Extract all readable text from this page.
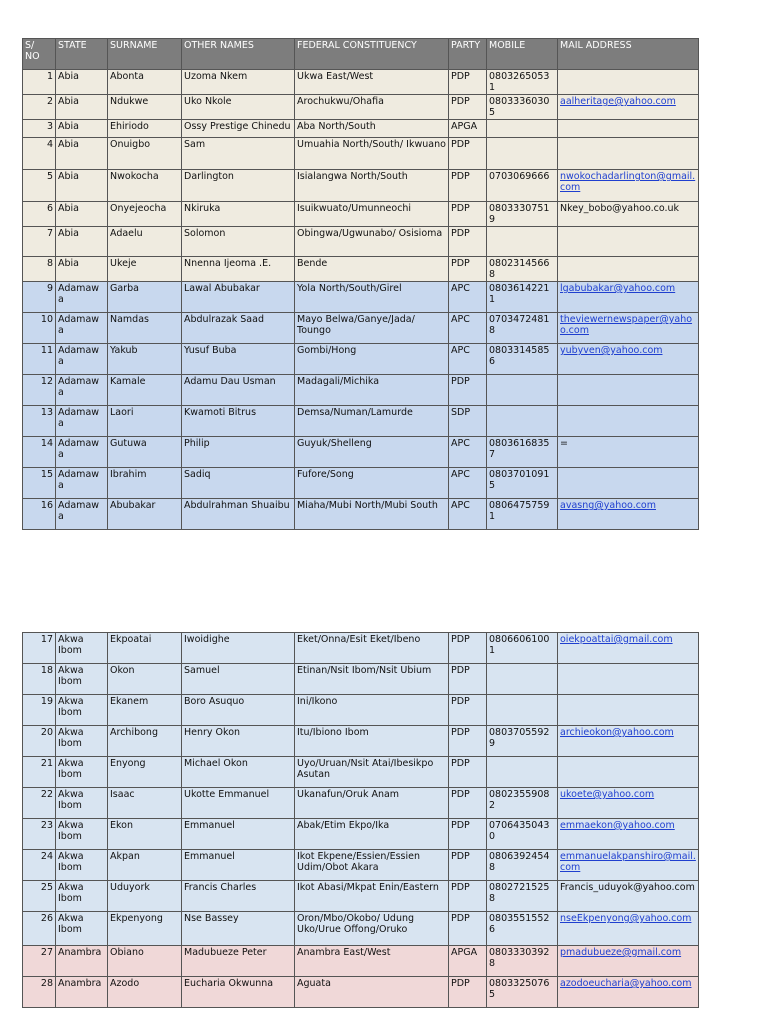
S/
NO	STATE	SURNAME	OTHER NAMES	FEDERAL CONSTITUENCY	PARTY	MOBILE	MAIL ADDRESS
1	Abia	Abonta	Uzoma Nkem	Ukwa East/West	PDP	08032650531	
2	Abia	Ndukwe	Uko Nkole	Arochukwu/Ohafia	PDP	08033360305	aalheritage@yahoo.com
3	Abia	Ehiriodo	Ossy Prestige Chinedu	Aba North/South	APGA		
4	Abia	Onuigbo	Sam	Umuahia North/South/ Ikwuano	PDP		
5	Abia	Nwokocha	Darlington	Isialangwa North/South	PDP	0703069666	nwokochadarlington@gmail.com
6	Abia	Onyejeocha	Nkiruka	Isuikwuato/Umunneochi	PDP	08033307519	Nkey_bobo@yahoo.co.uk
7	Abia	Adaelu	Solomon	Obingwa/Ugwunabo/ Osisioma	PDP		
8	Abia	Ukeje	Nnenna Ijeoma .E.	Bende	PDP	08023145668	
9	Adamaw a	Garba	Lawal Abubakar	Yola North/South/Girel	APC	08036142211	lgabubakar@yahoo.com
10	Adamaw a	Namdas	Abdulrazak Saad	Mayo Belwa/Ganye/Jada/ Toungo	APC	07034724818	theviewernewspaper@yahoo.com
11	Adamaw a	Yakub	Yusuf Buba	Gombi/Hong	APC	08033145856	yubyven@yahoo.com
12	Adamaw a	Kamale	Adamu Dau Usman	Madagali/Michika	PDP		
13	Adamaw a	Laori	Kwamoti Bitrus	Demsa/Numan/Lamurde	SDP		
14	Adamaw a	Gutuwa	Philip	Guyuk/Shelleng	APC	08036168357	=
15	Adamaw a	Ibrahim	Sadiq	Fufore/Song	APC	08037010915	
16	Adamaw a	Abubakar	Abdulrahman Shuaibu	Miaha/Mubi North/Mubi South	APC	08064757591	avasng@yahoo.com
17	Akwa Ibom	Ekpoatai	Iwoidighe	Eket/Onna/Esit Eket/Ibeno	PDP	08066061001	oiekpoattai@gmail.com
18	Akwa Ibom	Okon	Samuel	Etinan/Nsit Ibom/Nsit Ubium	PDP		
19	Akwa Ibom	Ekanem	Boro Asuquo	Ini/Ikono	PDP		
20	Akwa Ibom	Archibong	Henry Okon	Itu/Ibiono Ibom	PDP	08037055929	archieokon@yahoo.com
21	Akwa Ibom	Enyong	Michael Okon	Uyo/Uruan/Nsit Atai/Ibesikpo Asutan	PDP		
22	Akwa Ibom	Isaac	Ukotte Emmanuel	Ukanafun/Oruk Anam	PDP	08023559082	ukoete@yahoo.com
23	Akwa Ibom	Ekon	Emmanuel	Abak/Etim Ekpo/Ika	PDP	07064350430	emmaekon@yahoo.com
24	Akwa Ibom	Akpan	Emmanuel	Ikot Ekpene/Essien/Essien Udim/Obot Akara	PDP	08063924548	emmanuelakpanshiro@mail.com
25	Akwa Ibom	Uduyork	Francis Charles	Ikot Abasi/Mkpat Enin/Eastern	PDP	08027215258	Francis_uduyok@yahoo.com
26	Akwa Ibom	Ekpenyong	Nse Bassey	Oron/Mbo/Okobo/ Udung Uko/Urue Offong/Oruko	PDP	08035515526	nseEkpenyong@yahoo.com
27	Anambra	Obiano	Madubueze Peter	Anambra East/West	APGA	08033303928	pmadubueze@gmail.com
28	Anambra	Azodo	Eucharia Okwunna	Aguata	PDP	08033250765	azodoeucharia@yahoo.com
